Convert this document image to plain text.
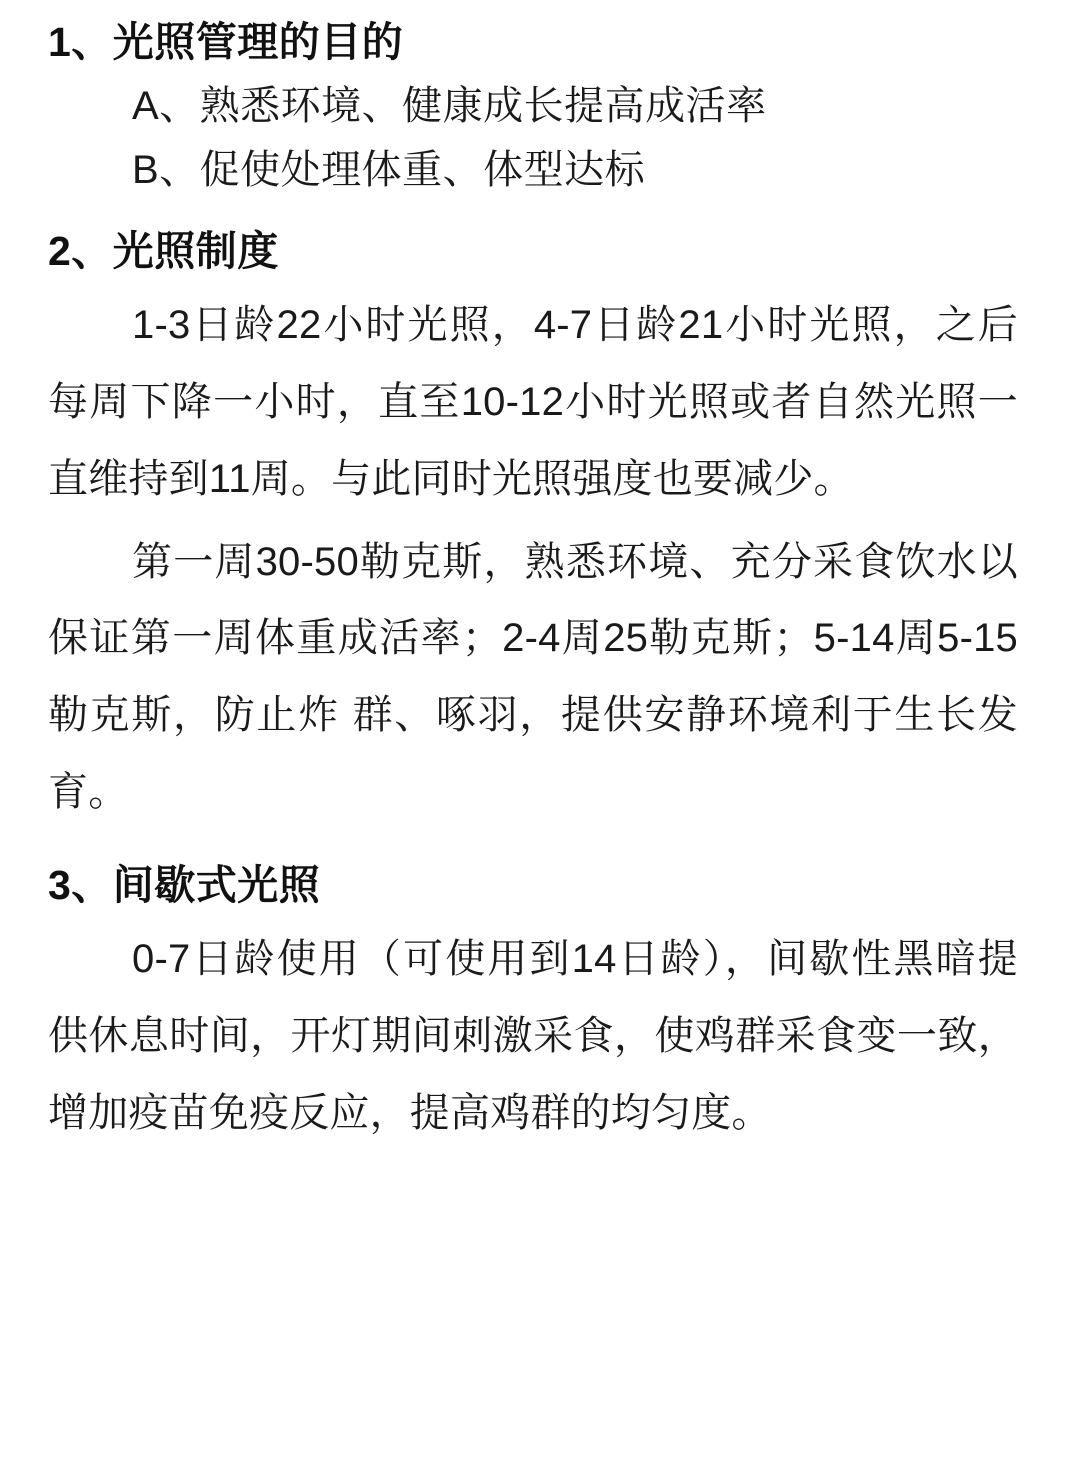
1、光照管理的目的

A、熟悉环境、健康成长提高成活率

B、促使处理体重、体型达标

2、光照制度

1-3日龄22小时光照，4-7日龄21小时光照，之后每周下降一小时，直至10-12小时光照或者自然光照一直维持到11周。与此同时光照强度也要减少。

第一周30-50勒克斯，熟悉环境、充分采食饮水以保证第一周体重成活率；2-4周25勒克斯；5-14周5-15勒克斯，防止炸 群、啄羽，提供安静环境利于生长发育。

3、间歇式光照

0-7日龄使用（可使用到14日龄），间歇性黑暗提供休息时间，开灯期间刺激采食，使鸡群采食变一致，增加疫苗免疫反应，提高鸡群的均匀度。
